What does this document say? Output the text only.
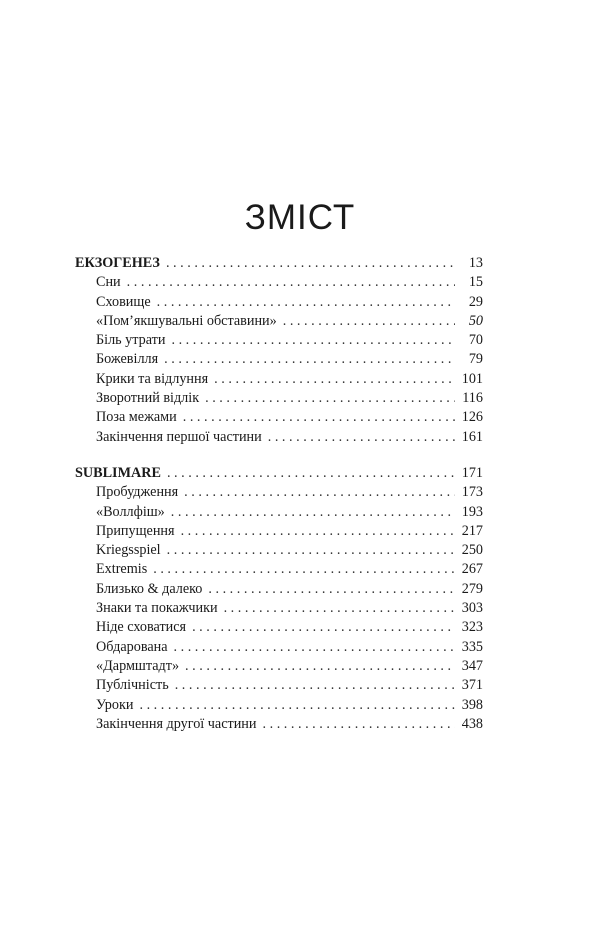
ЗМІСТ
ЕКЗОГЕНЕЗ . . .	13
Сни . . .	15
Сховище . . .	29
«Пом’якшувальні обставини» . . .	50
Біль утрати . . .	70
Божевілля . . .	79
Крики та відлуння . . .	101
Зворотний відлік . . .	116
Поза межами . . .	126
Закінчення першої частини . . .	161
SUBLIMARE . . .	171
Пробудження . . .	173
«Воллфіш» . . .	193
Припущення . . .	217
Kriegsspiel . . .	250
Extremis . . .	267
Близько & далеко . . .	279
Знаки та покажчики . . .	303
Ніде сховатися . . .	323
Обдарована . . .	335
«Дармштадт» . . .	347
Публічність . . .	371
Уроки . . .	398
Закінчення другої частини . . .	438
